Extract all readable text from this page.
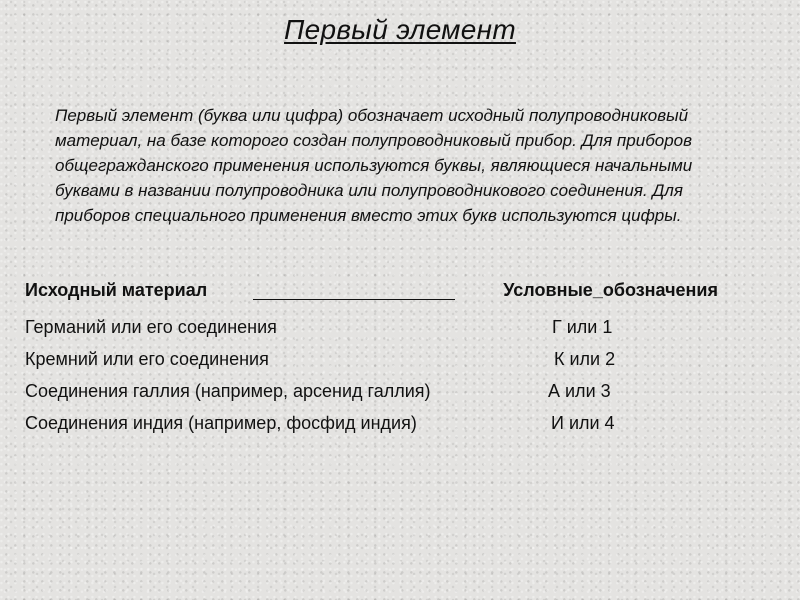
Первый элемент

Первый элемент (буква или цифра) обозначает исходный полупроводниковый материал, на базе которого создан полупроводниковый прибор. Для приборов общегражданского применения используются буквы, являющиеся начальными буквами в названии полупроводника или полупроводникового соединения. Для приборов специального применения вместо этих букв используются цифры.

Исходный материал	Условные_обозначения
Германий или его соединения	Г или 1
Кремний или его соединения	К или 2
Соединения галлия (например, арсенид галлия)	А или 3
Соединения индия (например, фосфид индия)	И или 4
